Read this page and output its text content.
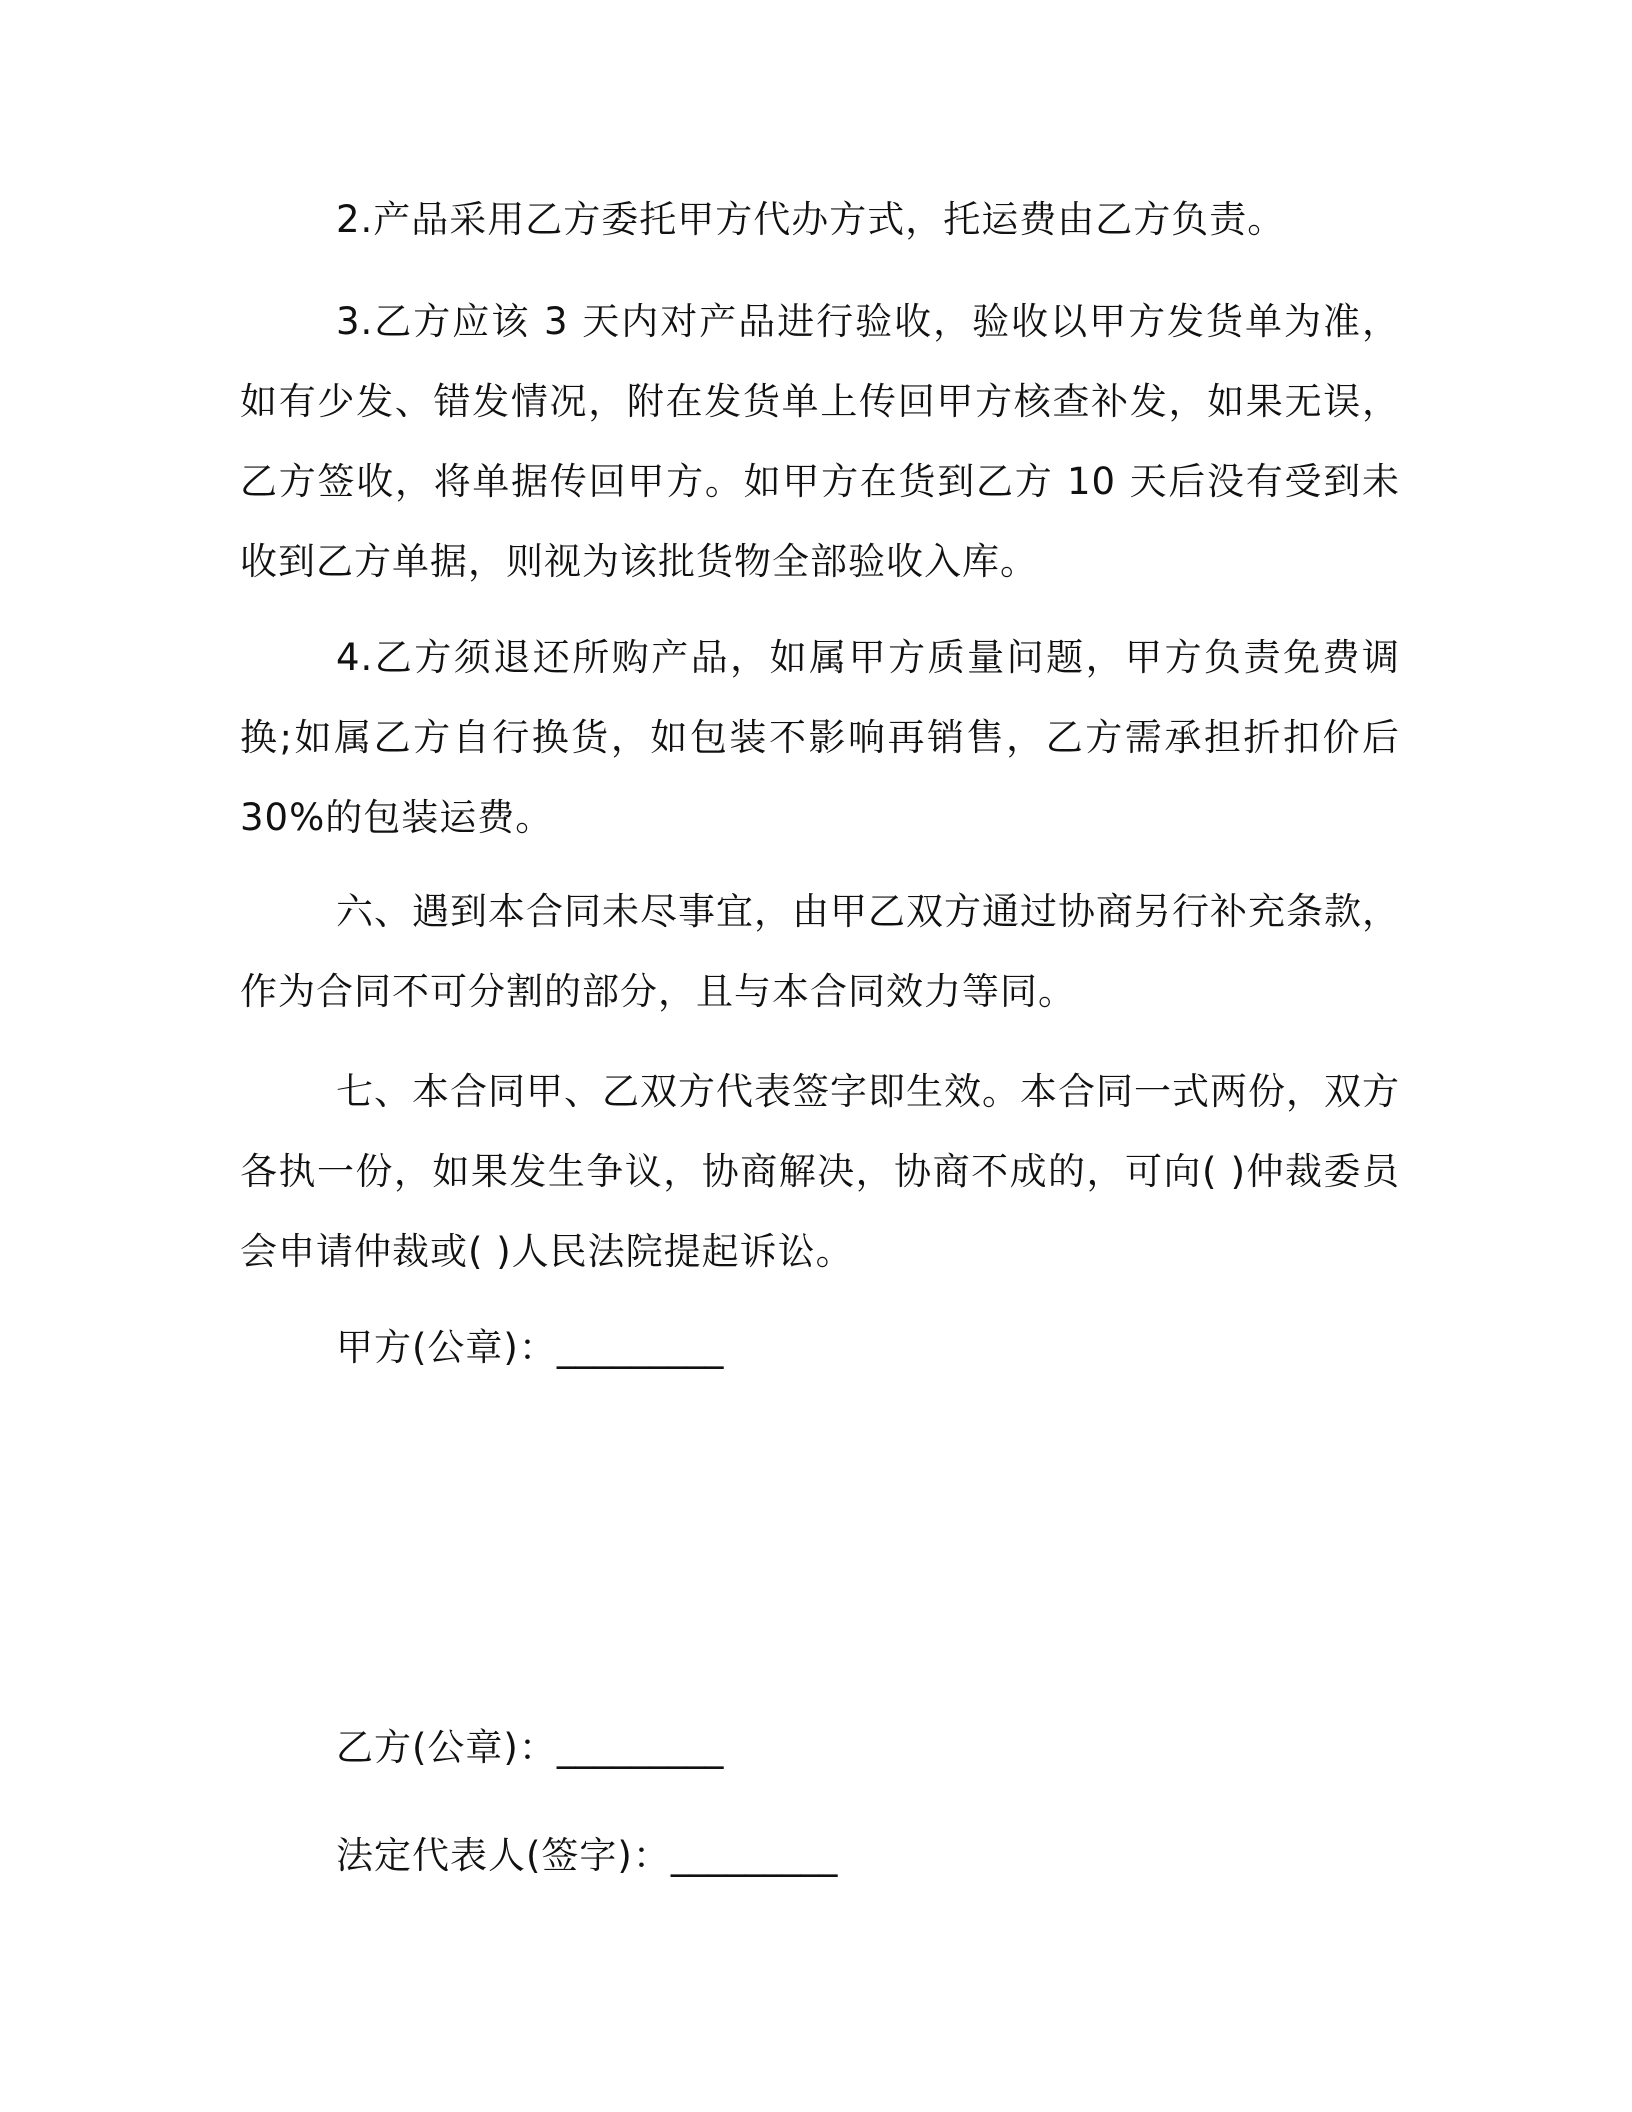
2.产品采用乙方委托甲方代办方式，托运费由乙方负责。

3.乙方应该 3 天内对产品进行验收，验收以甲方发货单为准，如有少发、错发情况，附在发货单上传回甲方核查补发，如果无误，乙方签收，将单据传回甲方。如甲方在货到乙方 10 天后没有受到未收到乙方单据，则视为该批货物全部验收入库。

4.乙方须退还所购产品，如属甲方质量问题，甲方负责免费调换;如属乙方自行换货，如包装不影响再销售，乙方需承担折扣价后 30%的包装运费。

六、遇到本合同未尽事宜，由甲乙双方通过协商另行补充条款，作为合同不可分割的部分，且与本合同效力等同。

七、本合同甲、乙双方代表签字即生效。本合同一式两份，双方各执一份，如果发生争议，协商解决，协商不成的，可向( )仲裁委员会申请仲裁或( )人民法院提起诉讼。

甲方(公章)：_________
乙方(公章)：_________
法定代表人(签字)：_________
